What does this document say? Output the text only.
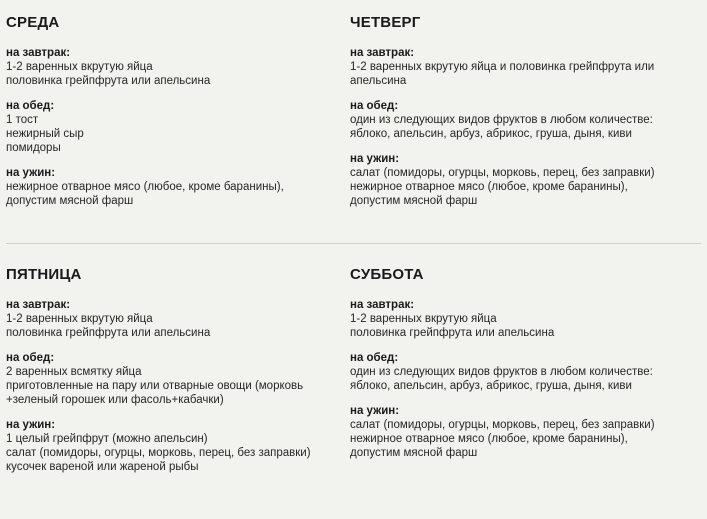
СРЕДА
на завтрак:
1-2 варенных вкрутую яйца
половинка грейпфрута или апельсина
на обед:
1 тост
нежирный сыр
помидоры
на ужин:
нежирное отварное мясо (любое, кроме баранины),
допустим мясной фарш
ЧЕТВЕРГ
на завтрак:
1-2 варенных вкрутую яйца и половинка грейпфрута или
апельсина
на обед:
один из следующих видов фруктов в любом количестве:
яблоко, апельсин, арбуз, абрикос, груша, дыня, киви
на ужин:
салат (помидоры, огурцы, морковь, перец, без заправки)
нежирное отварное мясо (любое, кроме баранины),
допустим мясной фарш
ПЯТНИЦА
на завтрак:
1-2 варенных вкрутую яйца
половинка грейпфрута или апельсина
на обед:
2 варенных всмятку яйца
приготовленные на пару или отварные овощи (морковь
+зеленый горошек или фасоль+кабачки)
на ужин:
1 целый грейпфрут (можно апельсин)
салат (помидоры, огурцы, морковь, перец, без заправки)
кусочек вареной или жареной рыбы
СУББОТА
на завтрак:
1-2 варенных вкрутую яйца
половинка грейпфрута или апельсина
на обед:
один из следующих видов фруктов в любом количестве:
яблоко, апельсин, арбуз, абрикос, груша, дыня, киви
на ужин:
салат (помидоры, огурцы, морковь, перец, без заправки)
нежирное отварное мясо (любое, кроме баранины),
допустим мясной фарш
